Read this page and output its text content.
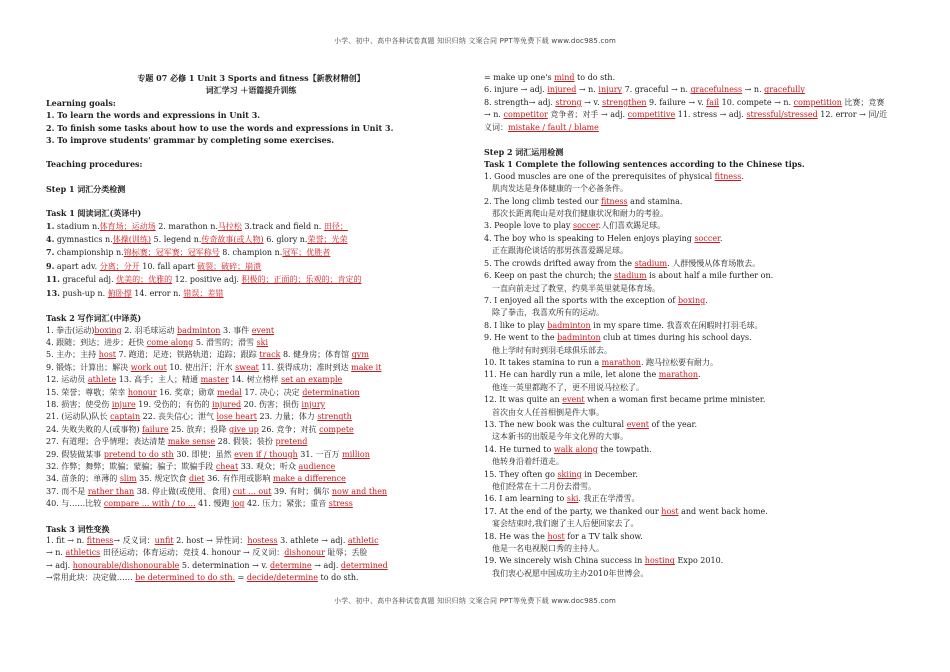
小学、初中、高中各种试卷真题 知识归纳 文案合同 PPT等免费下载 www.doc985.com
专题 07 必修 1 Unit 3 Sports and fitness【新教材精创】
词汇学习 ＋语篇提升训练
Learning goals:
1. To learn the words and expressions in Unit 3.
2. To finish some tasks about how to use the words and expressions in Unit 3.
3. To improve students' grammar by completing some exercises.
Teaching procedures:
Step 1 词汇分类检测
Task 1 阅读词汇(英译中)
1. stadium n.体育场；运动场 2. marathon n.马拉松 3.track and field n. 田径；
4. gymnastics n.体操(训练) 5. legend n.传奇故事(或人物) 6. glory n.荣誉；光荣
7. championship n.锦标赛；冠军赛；冠军称号 8. champion n.冠军；优胜者
9. apart adv. 分离；分开 10. fall apart 破裂；破碎；崩溃
11. graceful adj. 优美的；优雅的 12. positive adj. 积极的；正面的；乐观的；肯定的
13. push-up n. 俯卧撑 14. error n. 错误；差错
Task 2 写作词汇(中译英)
1. 拳击(运动)boxing 2. 羽毛球运动 badminton 3. 事件 event
4. 跟随；到达；进步；赶快 come along 5. 滑雪的；滑雪 ski
5. 主办；主持 host 7. 跑道；足迹；铁路轨道；追踪；跟踪 track 8. 健身房；体育馆 gym
9. 锻炼；计算出；解决 work out 10. 使出汗；汗水 sweat 11. 获得成功；准时到达 make it
12. 运动员 athlete 13. 高手；主人；精通 master 14. 树立榜样 set an example
15. 荣誉；尊敬；荣幸 honour 16. 奖章；勋章 medal 17. 决心；决定 determination
18. 损害；使受伤 injure 19. 受伤的；有伤的 injured 20. 伤害；损伤 injury
21. (运动队)队长 captain 22. 丧失信心；泄气 lose heart 23. 力量；体力 strength
24. 失败失败的人(或事物) failure 25. 放弃；投降 give up 26. 竞争；对抗 compete
27. 有道理；合乎情理；表达清楚 make sense 28. 假装；装扮 pretend
29. 假装做某事 pretend to do sth 30. 即使；虽然 even if / though 31. 一百万 million
32. 作弊；舞弊；欺骗；蒙骗；骗子；欺骗手段 cheat 33. 观众；听众 audience
34. 苗条的；单薄的 slim 35. 规定饮食 diet 36. 有作用或影响 make a difference
37. 而不是 rather than 38. 停止做(或使用、食用) cut ... out 39. 有时；偶尔 now and then
40. 与……比较 compare ... with / to ... 41. 慢跑 jog 42. 压力；紧张；重音 stress
Task 3 词性变换
1. fit → n. fitness→ 反义词：unfit 2. host → 异性词：hostess 3. athlete → adj. athletic
→ n. athletics 田径运动；体育运动；竞技 4. honour → 反义词：dishonour 耻辱；丢脸
→ adj. honourable/dishonourable 5. determination → v. determine → adj. determined
→常用此块：决定做…… be determined to do sth. = decide/determine to do sth.
= make up one's mind to do sth.
6. injure → adj. injured → n. injury 7. graceful → n. gracefulness → n. gracefully
8. strength→ adj. strong → v. strengthen 9. failure → v. fail 10. compete → n. competition 比赛；竞赛
→ n. competitor 竞争者；对手 → adj. competitive 11. stress → adj. stressful/stressed 12. error → 同/近
义词：mistake / fault / blame
Step 2 词汇运用检测
Task 1 Complete the following sentences according to the Chinese tips.
1. Good muscles are one of the prerequisites of physical fitness.
肌肉发达是身体健康的一个必备条件。
2. The long climb tested our fitness and stamina.
那次长距离爬山是对我们健康状况和耐力的考验。
3. People love to play soccer.人们喜欢踢足球。
4. The boy who is speaking to Helen enjoys playing soccer.
正在跟海伦谈话的那男孩喜爱踢足球。
5. The crowds drifted away from the stadium. 人群慢慢从体育场散去。
6. Keep on past the church; the stadium is about half a mile further on.
一直向前走过了教堂，约莫半英里就是体育场。
7. I enjoyed all the sports with the exception of boxing.
除了拳击，我喜欢所有的运动。
8. I like to play badminton in my spare time. 我喜欢在闲暇时打羽毛球。
9. He went to the badminton club at times during his school days.
他上学时有时到羽毛球俱乐部去。
10. It takes stamina to run a marathon. 跑马拉松要有耐力。
11. He can hardly run a mile, let alone the marathon.
他连一英里都跑不了，更不用说马拉松了。
12. It was quite an event when a woman first became prime minister.
首次由女人任首相倒是件大事。
13. The new book was the cultural event of the year.
这本新书的出版是今年文化界的大事。
14. He turned to walk along the towpath.
他转身沿着纤道走。
15. They often go skiing in December.
他们经常在十二月份去滑雪。
16. I am learning to ski. 我正在学滑雪。
17. At the end of the party, we thanked our host and went back home.
宴会结束时,我们谢了主人后便回家去了。
18. He was the host for a TV talk show.
他是一名电视脱口秀的主持人。
19. We sincerely wish China success in hosting Expo 2010.
我们衷心祝愿中国成功主办2010年世博会。
小学、初中、高中各种试卷真题 知识归纳 文案合同 PPT等免费下载 www.doc985.com
